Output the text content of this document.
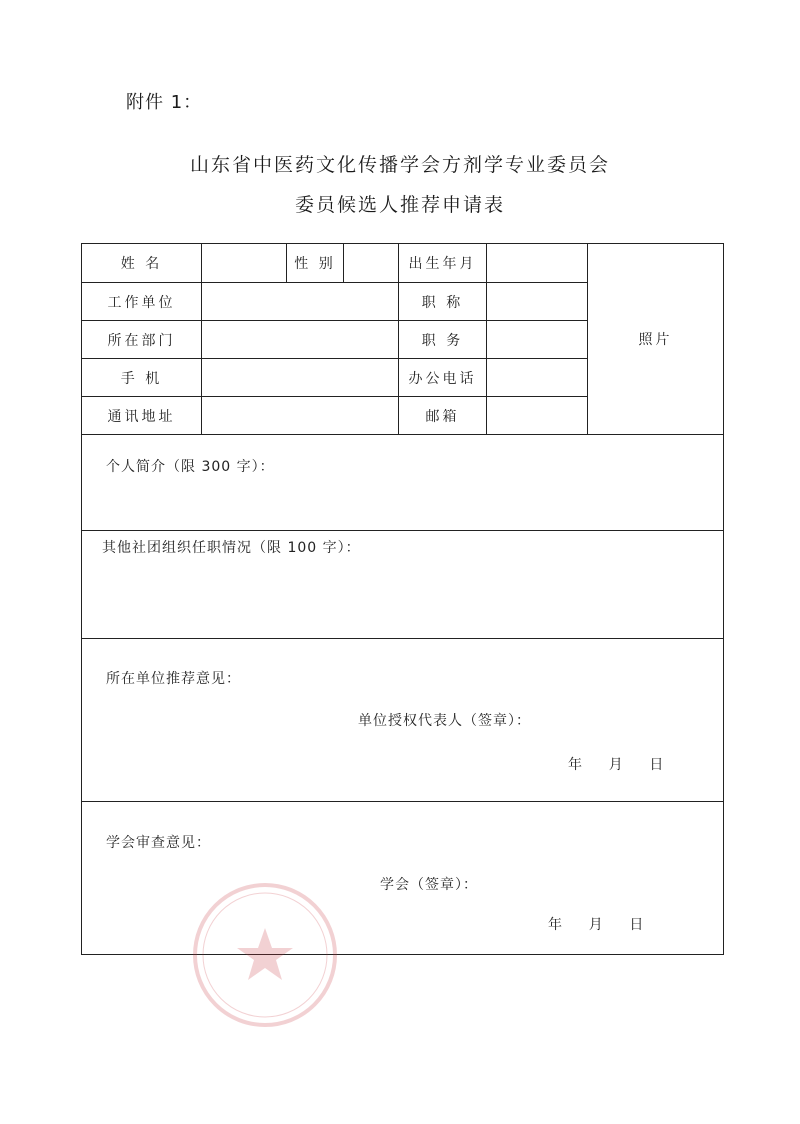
附件 1：
山东省中医药文化传播学会方剂学专业委员会
委员候选人推荐申请表
姓 名	性 别	出生年月
照片
工作单位	职 称
所在部门	职 务
手 机	办公电话
通讯地址	邮箱
个人简介（限 300 字）：
其他社团组织任职情况（限 100 字）：
所在单位推荐意见：
单位授权代表人（签章）：
年      月      日
学会审查意见：
学会（签章）：
年      月      日
